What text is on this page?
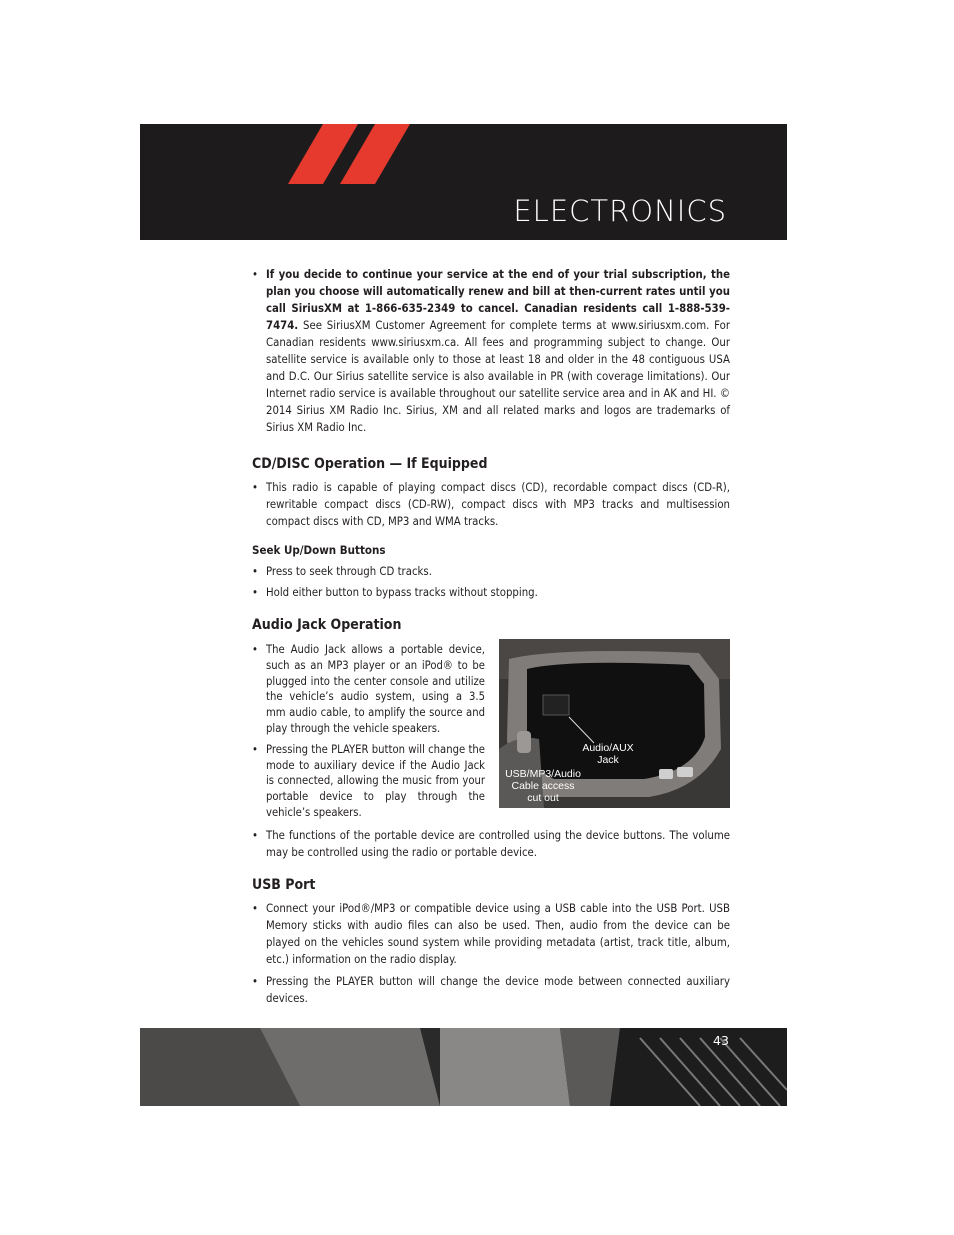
ELECTRONICS

• If you decide to continue your service at the end of your trial subscription, the plan you choose will automatically renew and bill at then-current rates until you call SiriusXM at 1-866-635-2349 to cancel. Canadian residents call 1-888-539-7474. See SiriusXM Customer Agreement for complete terms at www.siriusxm.com. For Canadian residents www.siriusxm.ca. All fees and programming subject to change. Our satellite service is available only to those at least 18 and older in the 48 contiguous USA and D.C. Our Sirius satellite service is also available in PR (with coverage limitations). Our Internet radio service is available throughout our satellite service area and in AK and HI. © 2014 Sirius XM Radio Inc. Sirius, XM and all related marks and logos are trademarks of Sirius XM Radio Inc.

CD/DISC Operation — If Equipped

• This radio is capable of playing compact discs (CD), recordable compact discs (CD-R), rewritable compact discs (CD-RW), compact discs with MP3 tracks and multisession compact discs with CD, MP3 and WMA tracks.

Seek Up/Down Buttons

• Press to seek through CD tracks.

• Hold either button to bypass tracks without stopping.

Audio Jack Operation

• The Audio Jack allows a portable device, such as an MP3 player or an iPod® to be plugged into the center console and utilize the vehicle’s audio system, using a 3.5 mm audio cable, to amplify the source and play through the vehicle speakers.

• Pressing the PLAYER button will change the mode to auxiliary device if the Audio Jack is connected, allowing the music from your portable device to play through the vehicle’s speakers.

• The functions of the portable device are controlled using the device buttons. The volume may be controlled using the radio or portable device.

USB Port

• Connect your iPod®/MP3 or compatible device using a USB cable into the USB Port. USB Memory sticks with audio files can also be used. Then, audio from the device can be played on the vehicles sound system while providing metadata (artist, track title, album, etc.) information on the radio display.

• Pressing the PLAYER button will change the device mode between connected auxiliary devices.

Audio/AUX
Jack
USB/MP3/Audio
Cable access
cut out
43
